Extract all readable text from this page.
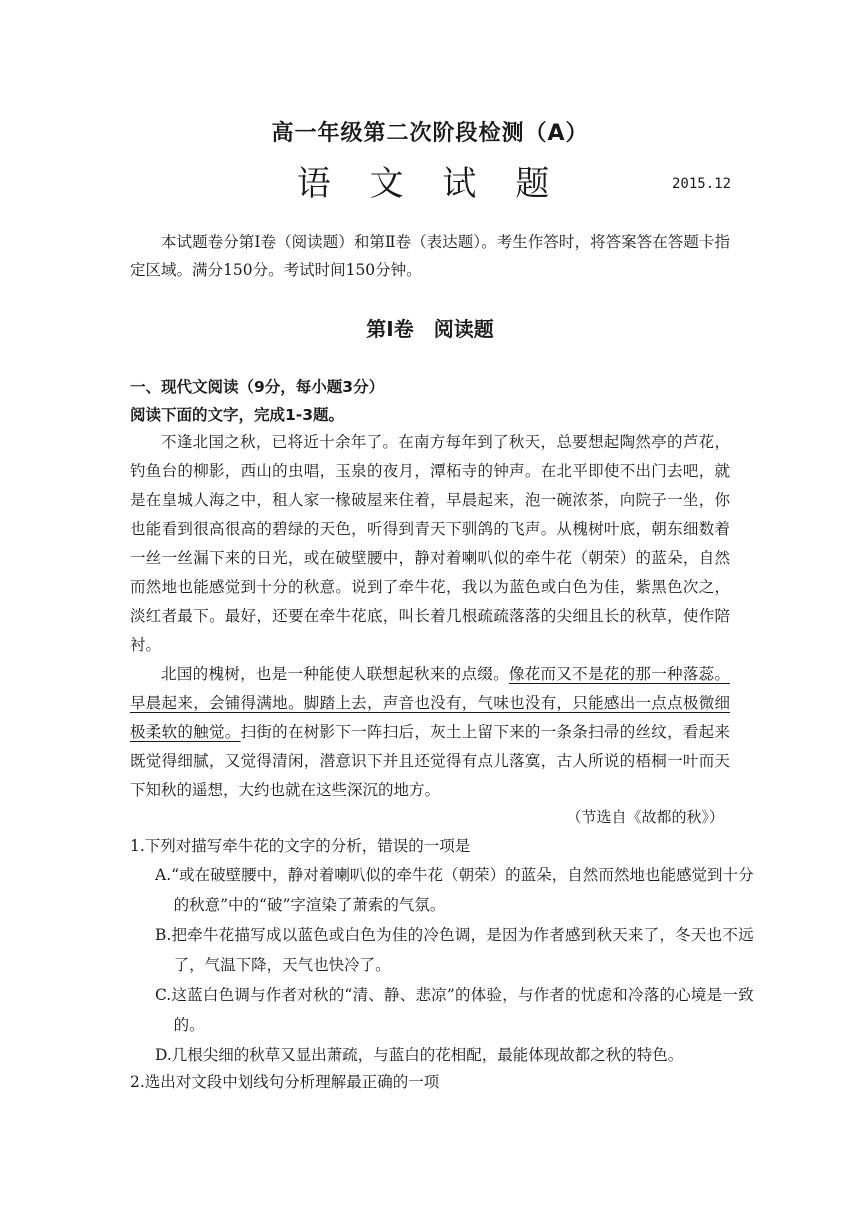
高一年级第二次阶段检测（A）
语 文 试 题	2015.12
本试题卷分第Ⅰ卷（阅读题）和第Ⅱ卷（表达题）。考生作答时，将答案答在答题卡指定区域。满分150分。考试时间150分钟。
第Ⅰ卷　阅读题
一、现代文阅读（9分，每小题3分）
阅读下面的文字，完成1-3题。
不逢北国之秋，已将近十余年了。在南方每年到了秋天，总要想起陶然亭的芦花，钓鱼台的柳影，西山的虫唱，玉泉的夜月，潭柘寺的钟声。在北平即使不出门去吧，就是在皇城人海之中，租人家一椽破屋来住着，早晨起来，泡一碗浓茶，向院子一坐，你也能看到很高很高的碧绿的天色，听得到青天下驯鸽的飞声。从槐树叶底，朝东细数着一丝一丝漏下来的日光，或在破壁腰中，静对着喇叭似的牵牛花（朝荣）的蓝朵，自然而然地也能感觉到十分的秋意。说到了牵牛花，我以为蓝色或白色为佳，紫黑色次之，淡红者最下。最好，还要在牵牛花底，叫长着几根疏疏落落的尖细且长的秋草，使作陪衬。
北国的槐树，也是一种能使人联想起秋来的点缀。像花而又不是花的那一种落蕊。早晨起来，会铺得满地。脚踏上去，声音也没有，气味也没有，只能感出一点点极微细极柔软的触觉。扫街的在树影下一阵扫后，灰土上留下来的一条条扫帚的丝纹，看起来既觉得细腻，又觉得清闲，潜意识下并且还觉得有点儿落寞，古人所说的梧桐一叶而天下知秋的遥想，大约也就在这些深沉的地方。
（节选自《故都的秋》）
1.下列对描写牵牛花的文字的分析，错误的一项是
A.“或在破壁腰中，静对着喇叭似的牵牛花（朝荣）的蓝朵，自然而然地也能感觉到十分的秋意”中的“破”字渲染了萧索的气氛。
B.把牵牛花描写成以蓝色或白色为佳的冷色调，是因为作者感到秋天来了，冬天也不远了，气温下降，天气也快冷了。
C.这蓝白色调与作者对秋的“清、静、悲凉”的体验，与作者的忧虑和冷落的心境是一致的。
D.几根尖细的秋草又显出萧疏，与蓝白的花相配，最能体现故都之秋的特色。
2.选出对文段中划线句分析理解最正确的一项
